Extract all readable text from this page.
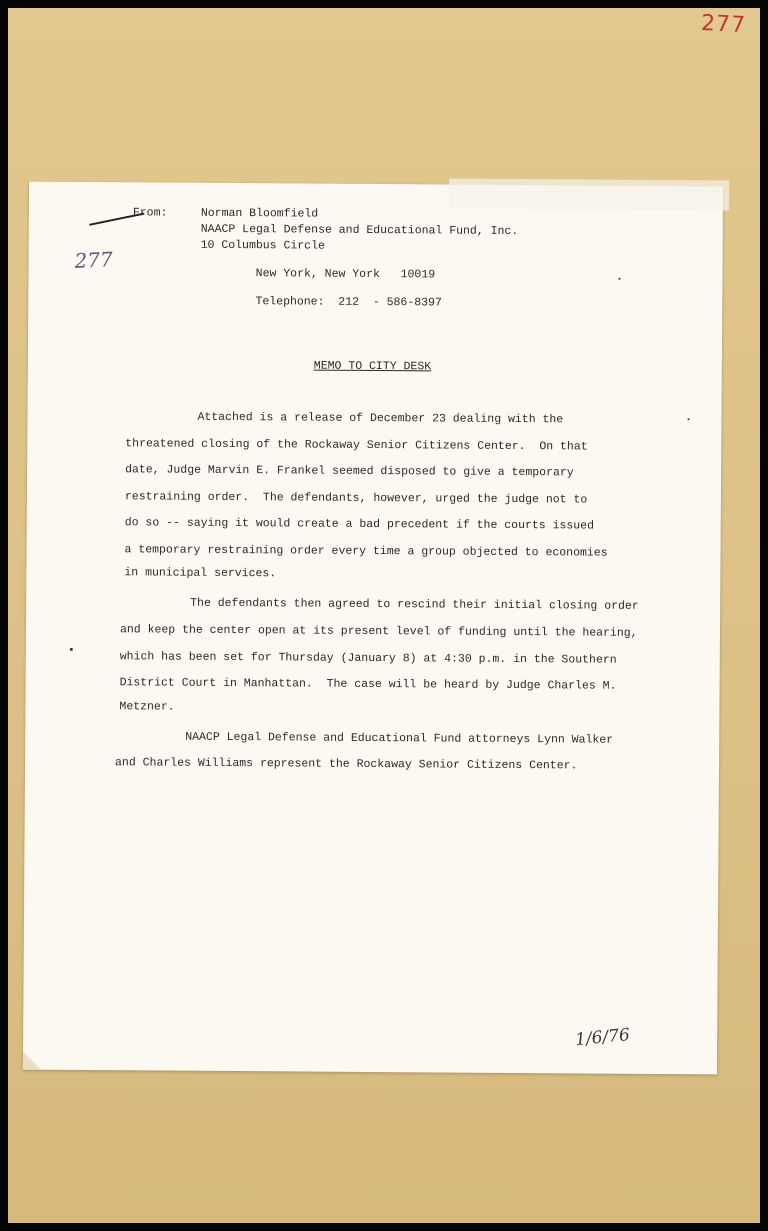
277
From:	Norman Bloomfield
NAACP Legal Defense and Educational Fund, Inc.
10 Columbus Circle

New York, New York 10019

Telephone: 212 - 586-8397

277
MEMO TO CITY DESK
Attached is a release of December 23 dealing with the
threatened closing of the Rockaway Senior Citizens Center.  On that
date, Judge Marvin E. Frankel seemed disposed to give a temporary
restraining order.  The defendants, however, urged the judge not to
do so -- saying it would create a bad precedent if the courts issued
a temporary restraining order every time a group objected to economies
in municipal services.
The defendants then agreed to rescind their initial closing order
and keep the center open at its present level of funding until the hearing,
which has been set for Thursday (January 8) at 4:30 p.m. in the Southern
District Court in Manhattan.  The case will be heard by Judge Charles M.
Metzner.
NAACP Legal Defense and Educational Fund attorneys Lynn Walker
and Charles Williams represent the Rockaway Senior Citizens Center.
1/6/76
